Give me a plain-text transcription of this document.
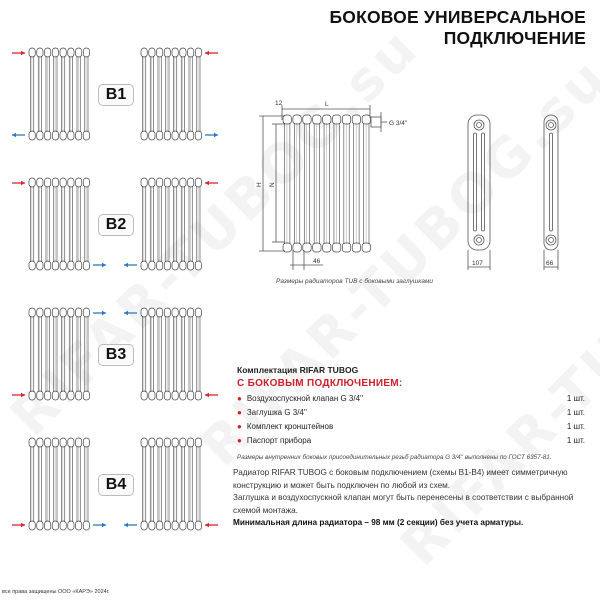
БОКОВОЕ УНИВЕРСАЛЬНОЕ
ПОДКЛЮЧЕНИЕ
B1
B2
B3
B4
12	L
H N
46
G 3/4''
107	66
Размеры радиаторов TUB с боковыми заглушками
Комплектация RIFAR TUBOG
С БОКОВЫМ ПОДКЛЮЧЕНИЕМ:
● Воздухоспускной клапан G 3/4''	1 шт.
● Заглушка G 3/4''	1 шт.
● Комплект кронштейнов	1 шт.
● Паспорт прибора	1 шт.
Размеры внутренних боковых присоединительных резьб радиатора G 3/4'' выполнены по ГОСТ 6357-81.

Радиатор RIFAR TUBOG с боковым подключением (схемы В1-В4) имеет симметричную конструкцию и может быть подключен по любой из схем.

Заглушка и воздухоспускной клапан могут быть перенесены в соответствии с выбранной схемой монтажа.

Минимальная длина радиатора – 98 мм (2 секции) без учета арматуры.

все права защищены ООО «КАРЭ» 2024г.
